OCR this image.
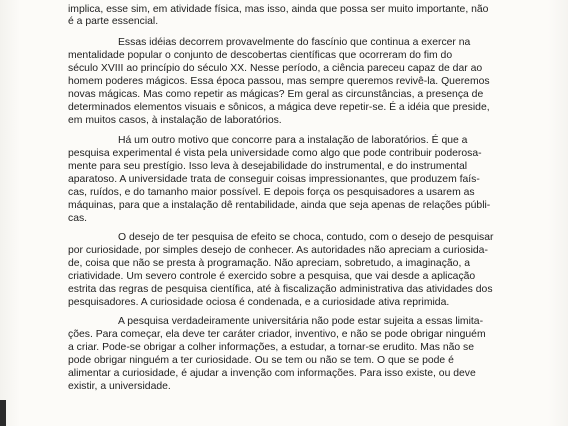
implica, esse sim, em atividade física, mas isso, ainda que possa ser muito importante, não
é a parte essencial.
Essas idéias decorrem provavelmente do fascínio que continua a exercer na
mentalidade popular o conjunto de descobertas científicas que ocorreram do fim do
século XVIII ao princípio do século XX. Nesse período, a ciência pareceu capaz de dar ao
homem poderes mágicos. Essa época passou, mas sempre queremos revivê-la. Queremos
novas mágicas. Mas como repetir as mágicas? Em geral as circunstâncias, a presença de
determinados elementos visuais e sônicos, a mágica deve repetir-se. É a idéia que preside,
em muitos casos, à instalação de laboratórios.
Há um outro motivo que concorre para a instalação de laboratórios. É que a
pesquisa experimental é vista pela universidade como algo que pode contribuir poderosa-
mente para seu prestígio. Isso leva à desejabilidade do instrumental, e do instrumental
aparatoso. A universidade trata de conseguir coisas impressionantes, que produzem faís-
cas, ruídos, e do tamanho maior possível. E depois força os pesquisadores a usarem as
máquinas, para que a instalação dê rentabilidade, ainda que seja apenas de relações públi-
cas.
O desejo de ter pesquisa de efeito se choca, contudo, com o desejo de pesquisar
por curiosidade, por simples desejo de conhecer. As autoridades não apreciam a curiosida-
de, coisa que não se presta à programação. Não apreciam, sobretudo, a imaginação, a
criatividade. Um severo controle é exercido sobre a pesquisa, que vai desde a aplicação
estrita das regras de pesquisa científica, até à fiscalização administrativa das atividades dos
pesquisadores. A curiosidade ociosa é condenada, e a curiosidade ativa reprimida.
A pesquisa verdadeiramente universitária não pode estar sujeita a essas limita-
ções. Para começar, ela deve ter caráter criador, inventivo, e não se pode obrigar ninguém
a criar. Pode-se obrigar a colher informações, a estudar, a tornar-se erudito. Mas não se
pode obrigar ninguém a ter curiosidade. Ou se tem ou não se tem. O que se pode é
alimentar a curiosidade, é ajudar a invenção com informações. Para isso existe, ou deve
existir, a universidade.
